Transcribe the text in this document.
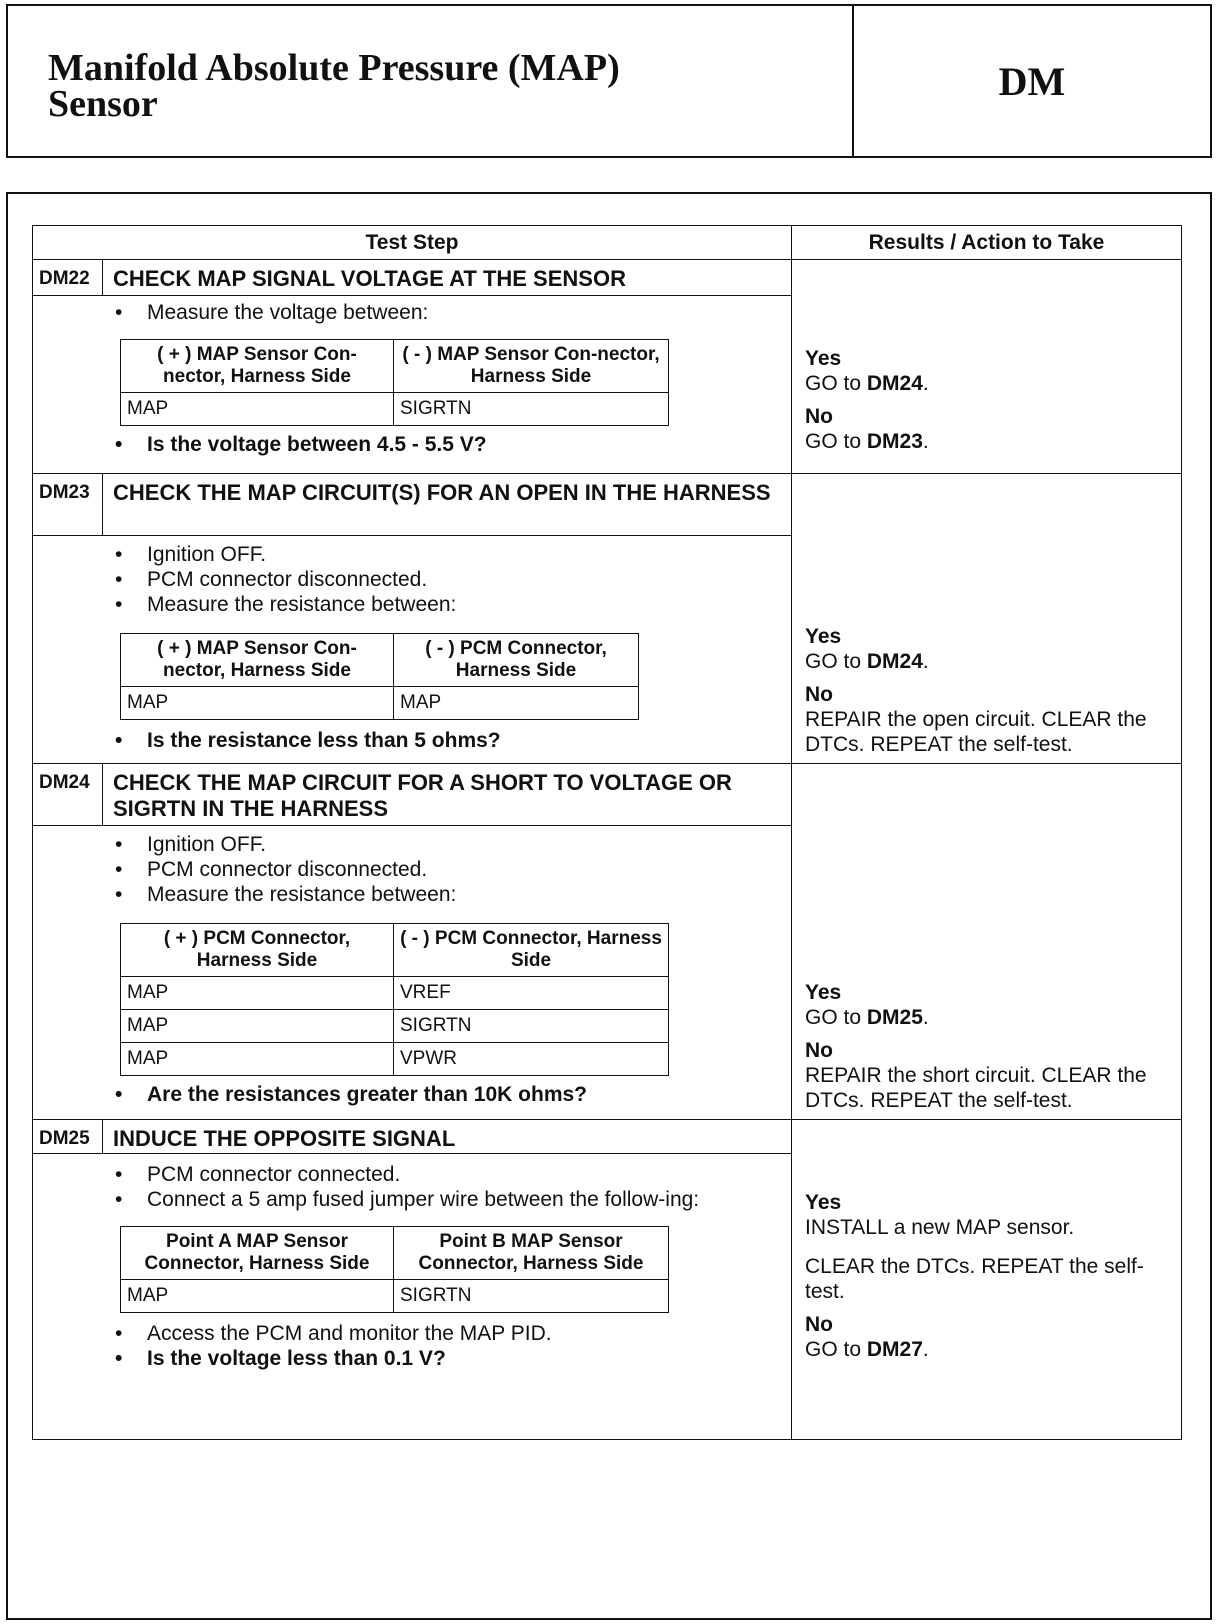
Manifold Absolute Pressure (MAP)
Sensor
DM
Test Step	Results / Action to Take
DM22	CHECK MAP SIGNAL VOLTAGE AT THE SENSOR
• Measure the voltage between:
( + ) MAP Sensor Con-nector, Harness Side	( - ) MAP Sensor Con-nector, Harness Side
MAP	SIGRTN
• Is the voltage between 4.5 - 5.5 V?
Yes
GO to DM24.
No
GO to DM23.
DM23	CHECK THE MAP CIRCUIT(S) FOR AN OPEN IN THE HARNESS
• Ignition OFF.
• PCM connector disconnected.
• Measure the resistance between:
( + ) MAP Sensor Con-nector, Harness Side	( - ) PCM Connector, Harness Side
MAP	MAP
• Is the resistance less than 5 ohms?
Yes
GO to DM24.
No
REPAIR the open circuit. CLEAR the DTCs. REPEAT the self-test.
DM24	CHECK THE MAP CIRCUIT FOR A SHORT TO VOLTAGE OR SIGRTN IN THE HARNESS
• Ignition OFF.
• PCM connector disconnected.
• Measure the resistance between:
( + ) PCM Connector, Harness Side	( - ) PCM Connector, Harness Side
MAP	VREF
MAP	SIGRTN
MAP	VPWR
• Are the resistances greater than 10K ohms?
Yes
GO to DM25.
No
REPAIR the short circuit. CLEAR the DTCs. REPEAT the self-test.
DM25	INDUCE THE OPPOSITE SIGNAL
• PCM connector connected.
• Connect a 5 amp fused jumper wire between the follow-ing:
Point A MAP Sensor Connector, Harness Side	Point B MAP Sensor Connector, Harness Side
MAP	SIGRTN
• Access the PCM and monitor the MAP PID.
• Is the voltage less than 0.1 V?
Yes
INSTALL a new MAP sensor.
CLEAR the DTCs. REPEAT the self-test.
No
GO to DM27.
